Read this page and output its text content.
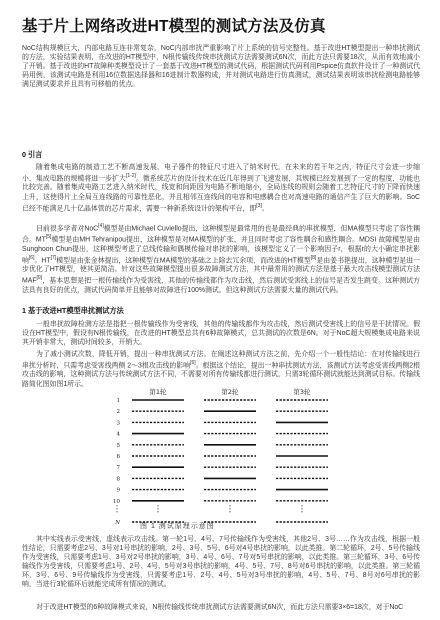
基于片上网络改进HT模型的测试方法及仿真
NoC结构规模巨大，内部电路互连非常复杂，NoC内部串扰严重影响了片上系统的信号完整性。基于改进HT模型提出一种串扰测试的方法，实验结果表明，在改进的HT模型中，N根传输线传统串扰测试方法需要测试6N次，而此方法只需要18次，从而有效地减小了开销。基于改进的HT故障种类模型设计了一套基于改进HT模型的测试代码，根据测试代码利用Pspice仿真软件设计了一种测试代码用例，该测试电路是利用16位数据选择器和16进制计数器构成，并对测试电路进行仿真测试，测试结果表明该串扰检测电路能够满足测试要求并且具有可移植的优点。
0 引言
随着集成电路的制造工艺不断高速发展，电子器件的特征尺寸进入了纳米时代，在未来的若干年之内，特征尺寸会进一步缩小，集成电路的规模将进一步扩大[1-2]。微系统芯片的设计技术在近几年得到了飞速发展，其规模已经发展到了一定的程度，功能也比较完善。随着集成电路工艺进入纳米时代，线宽和间距因为电路不断地缩小，全局连线的规则会随着工艺特征尺寸的下降而快速上升，这使得片上全局互连线路的可靠性恶化，并且相邻互连线间的电容和电感耦合也对高速电路的通信产生了巨大的影响。SoC 已经不能满足几十亿晶体管的芯片需求，需要一种新系统设计的架构平台，即[3]。
目前很多学者对NoC[4]模型是由Michael Cuviello提出，这种模型是最常用的也是最经典的串扰模型，但MA模型只考虑了容性耦合。MT[5]模型是由MH Tehranipou提出，这种模型是对MA模型的扩张，并且同时考虑了容性耦合和感性耦合。MDSI 故障模型是由Sunghoon Chun提出，这种模型考虑了总线传输和偶模传输对串扰的影响，该模型定义了一个影响因子r，根据r的大小确定串扰影响[6]。HT[7]模型是由张金林提出，这种模型在MA模型的基础之上除去冗余项，而改进的HT模型[8]是由姜书艳提出，这种模型是进一步优化了HT模型，使其更简洁。针对这些故障模型提出很多故障测试方法，其中最常用的测试方法是基于最大攻击线模型测试方法MAF[9]，基本思想是把一根传输线作为受害线，其他的传输线都作为攻击线，然后测试受害线上的信号是否发生跳变。这种测试方法具有良好的优点，测试代码简单并且能够对故障进行100%测试。但这种测试方法需要大量的测试代码。
1 基于改进HT模型串扰测试方法
一般串扰故障检测方法是指把一根传输线作为受害线，其他的传输线都作为攻击线，然后测试受害线上的信号是干扰情况。假设在HT模型中，假设有N根传输线，在改进的HT模型总共有6种故障模式，总共测试的次数是6N。对于NoC超大规模集成电路来说其开销非常大，测试时间较多，开销大。
为了减小测试次数，降低开销，提出一种串扰测试方法。在阐述这种测试方法之前，先介绍一个一般性结论：在对传输线进行串扰分析时，只需考虑受害线两侧 2～3根攻击线的影响[6]。根据这个结论，提出一种串扰测试方法，该测试方法考虑受害线两侧2根攻击线的影响，这种测试方法与传统测试方法不同，不需要对所有传输线都进行测试，只需3轮循环测试就能达到测试目标。传输线路简化图如图1所示。
第1轮	第2轮	第3轮
1
2
3
4
5
6
7
8
9
10
N	图 1 测试原理示意图
其中实线表示受害线，虚线表示攻击线。第一轮1号、4号、7号传输线作为受害线，其他2号、3号……作为攻击线，根据一般性结论，只需要考虑2号、3号对1号串扰的影响，2号、3号、5号、6号对4号串扰的影响，以此类推。第二轮循环，2号、5号传输线作为受害线，只需要考虑1号、3号对2号串扰的影响，3号、4号、6号、7号对5号串扰的影响，以此类推。第三轮循环，3号、6号传输线作为受害线，只需要考虑1号、2号、4号、5号对3号串扰的影响，4号、5号、7号、8号对6号串扰的影响，以此类推。第三轮循环，3号、6号、9号传输线作为受害线，只需要考虑1号、2号、4号、5号对3号串扰的影响，4号、5号、7号、8号对6号串扰的影响，当进行3轮循环后就能完成所有情况的测试。
对于改进HT模型的6种故障模式来说，N根传输线传统串扰测试方法需要测试6N次，而此方法只需要3×6=18次，对于NoC
